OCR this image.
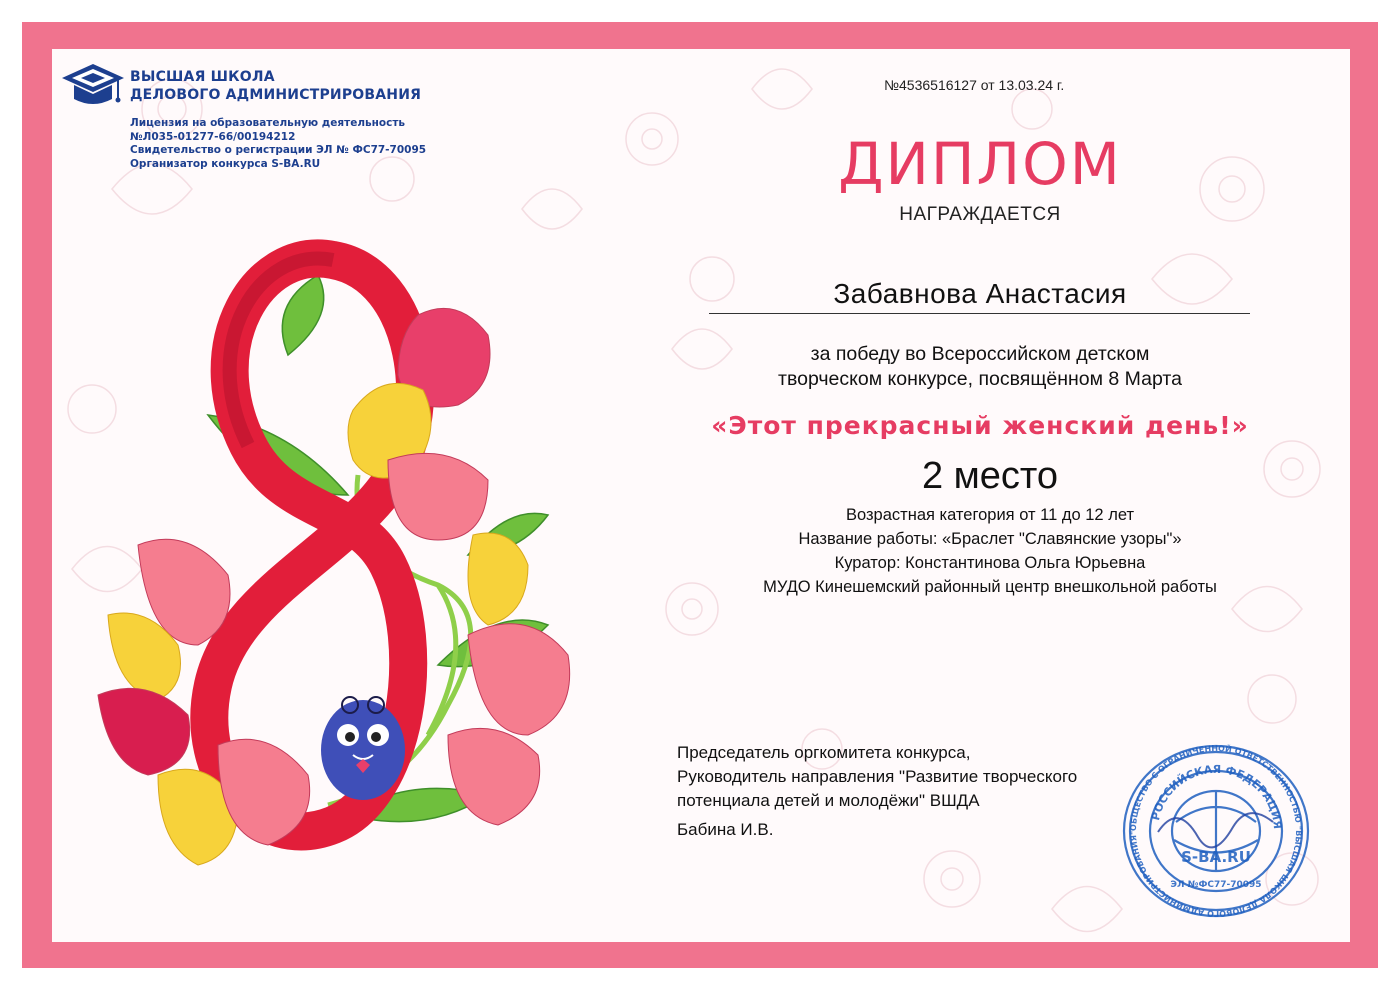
ВЫСШАЯ ШКОЛА
ДЕЛОВОГО АДМИНИСТРИРОВАНИЯ
Лицензия на образовательную деятельность
№Л035-01277-66/00194212
Свидетельство о регистрации ЭЛ № ФС77-70095
Организатор конкурса S-BA.RU
№4536516127 от 13.03.24 г.
ДИПЛОМ
НАГРАЖДАЕТСЯ
Забавнова Анастасия
за победу во Всероссийском детском
творческом конкурсе, посвящённом 8 Марта
«Этот прекрасный женский день!»
2 место
Возрастная категория от 11 до 12 лет
Название работы: «Браслет "Славянские узоры"»
Куратор: Константинова Ольга Юрьевна
МУДО Кинешемский районный центр внешкольной работы
Председатель оргкомитета конкурса,
Руководитель направления "Развитие творческого
потенциала детей и молодёжи" ВШДА
Бабина И.В.	ОБЩЕСТВО С ОГРАНИЧЕННОЙ ОТВЕТСТВЕННОСТЬЮ "ВЫСШАЯ ШКОЛА ДЕЛОВОГО АДМИНИСТРИРОВАНИЯ"
РОССИЙСКАЯ ФЕДЕРАЦИЯ
S-BA.RU
ЭЛ №ФС77-70095
